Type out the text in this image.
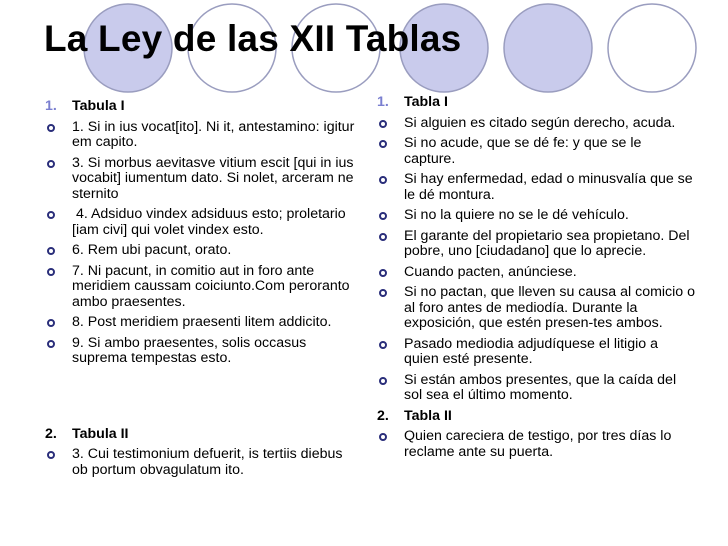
La Ley de las XII Tablas
1. Tabula I
1. Si in ius vocat[ito]. Ni it, antestamino: igitur em capito.
3. Si morbus aevitasve vitium escit [qui in ius vocabit] iumentum dato. Si nolet, arceram ne sternito
4. Adsiduo vindex adsiduus esto; proletario [iam civi] qui volet vindex esto.
6. Rem ubi pacunt, orato.
7. Ni pacunt, in comitio aut in foro ante meridiem caussam coiciunto.Com peroranto ambo praesentes.
8. Post meridiem praesenti litem addicito.
9. Si ambo praesentes, solis occasus suprema tempestas esto.
2. Tabula II
3. Cui testimonium defuerit, is tertiis diebus ob portum obvagulatum ito.
1. Tabla I
Si alguien es citado según derecho, acuda.
Si no acude, que se dé fe: y que se le capture.
Si hay enfermedad, edad o minusvalía que se le dé montura.
Si no la quiere no se le dé vehículo.
El garante del propietario sea propietano. Del pobre, uno [ciudadano] que lo aprecie.
Cuando pacten, anúnciese.
Si no pactan, que lleven su causa al comicio o al foro antes de mediodía. Durante la exposición, que estén presen-tes ambos.
Pasado mediodia adjudíquese el litigio a quien esté presente.
Si están ambos presentes, que la caída del sol sea el último momento.
2. Tabla II
Quien careciera de testigo, por tres días lo reclame ante su puerta.
